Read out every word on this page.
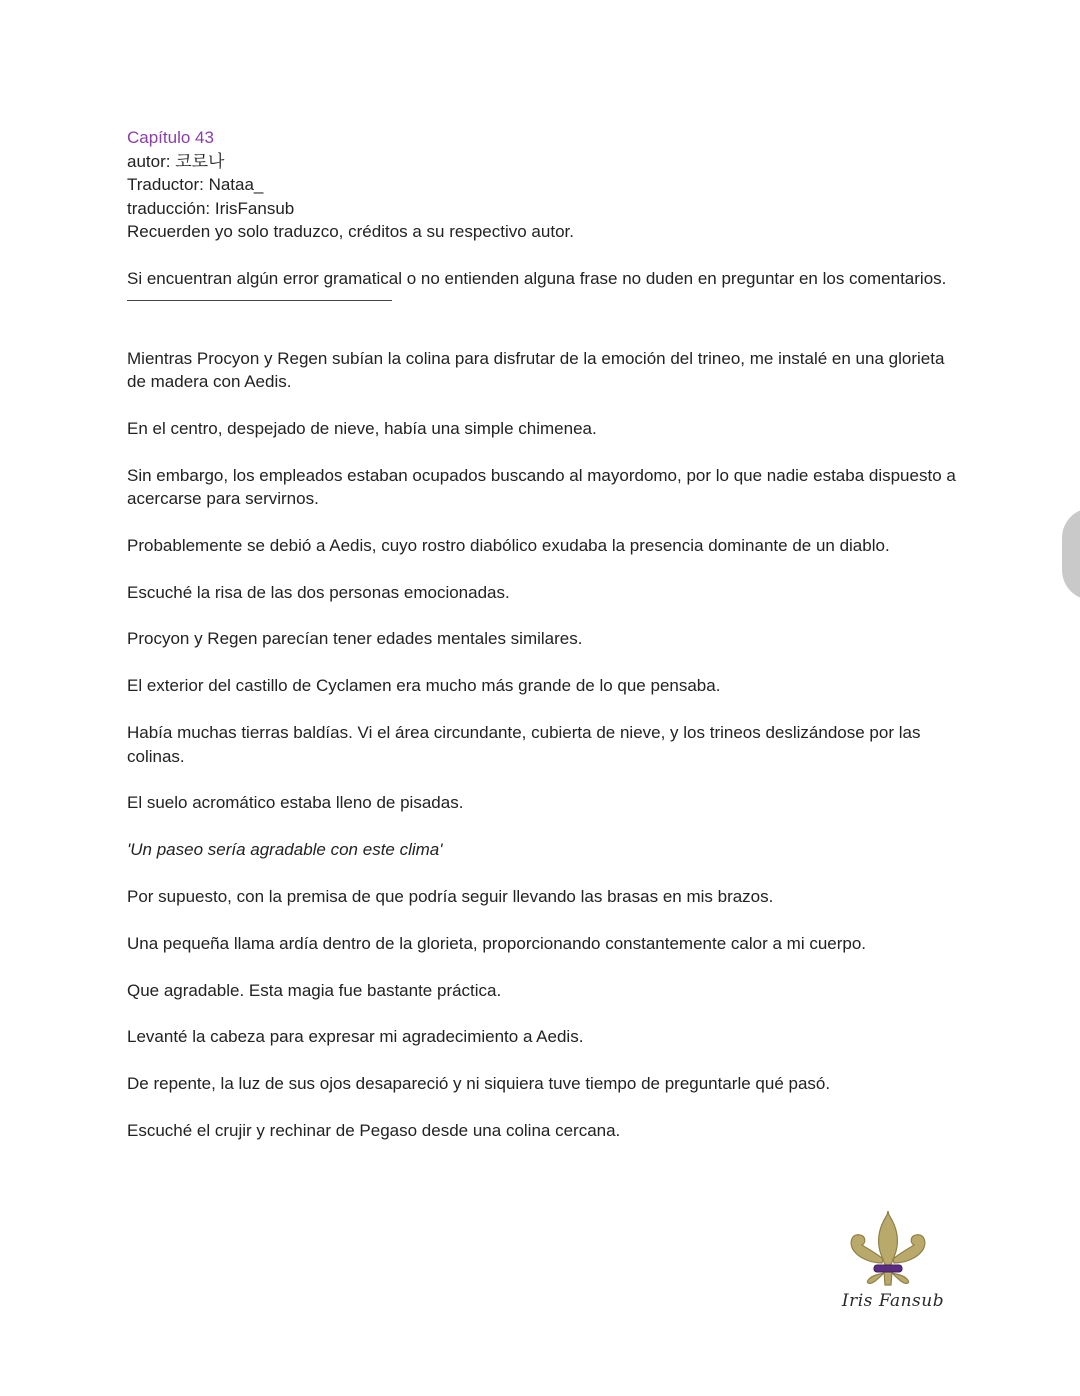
Capítulo 43

autor: 코로나

Traductor: Nataa_

traducción: IrisFansub

Recuerden yo solo traduzco, créditos a su respectivo autor.

Si encuentran algún error gramatical o no entienden alguna frase no duden en preguntar en los comentarios.

Mientras Procyon y Regen subían la colina para disfrutar de la emoción del trineo, me instalé en una glorieta de madera con Aedis.

En el centro, despejado de nieve, había una simple chimenea.

Sin embargo, los empleados estaban ocupados buscando al mayordomo, por lo que nadie estaba dispuesto a acercarse para servirnos.

Probablemente se debió a Aedis, cuyo rostro diabólico exudaba la presencia dominante de un diablo.

Escuché la risa de las dos personas emocionadas.

Procyon y Regen parecían tener edades mentales similares.

El exterior del castillo de Cyclamen era mucho más grande de lo que pensaba.

Había muchas tierras baldías. Vi el área circundante, cubierta de nieve, y los trineos deslizándose por las colinas.

El suelo acromático estaba lleno de pisadas.

'Un paseo sería agradable con este clima'

Por supuesto, con la premisa de que podría seguir llevando las brasas en mis brazos.

Una pequeña llama ardía dentro de la glorieta, proporcionando constantemente calor a mi cuerpo.

Que agradable. Esta magia fue bastante práctica.

Levanté la cabeza para expresar mi agradecimiento a Aedis.

De repente, la luz de sus ojos desapareció y ni siquiera tuve tiempo de preguntarle qué pasó.

Escuché el crujir y rechinar de Pegaso desde una colina cercana.

Iris Fansub
